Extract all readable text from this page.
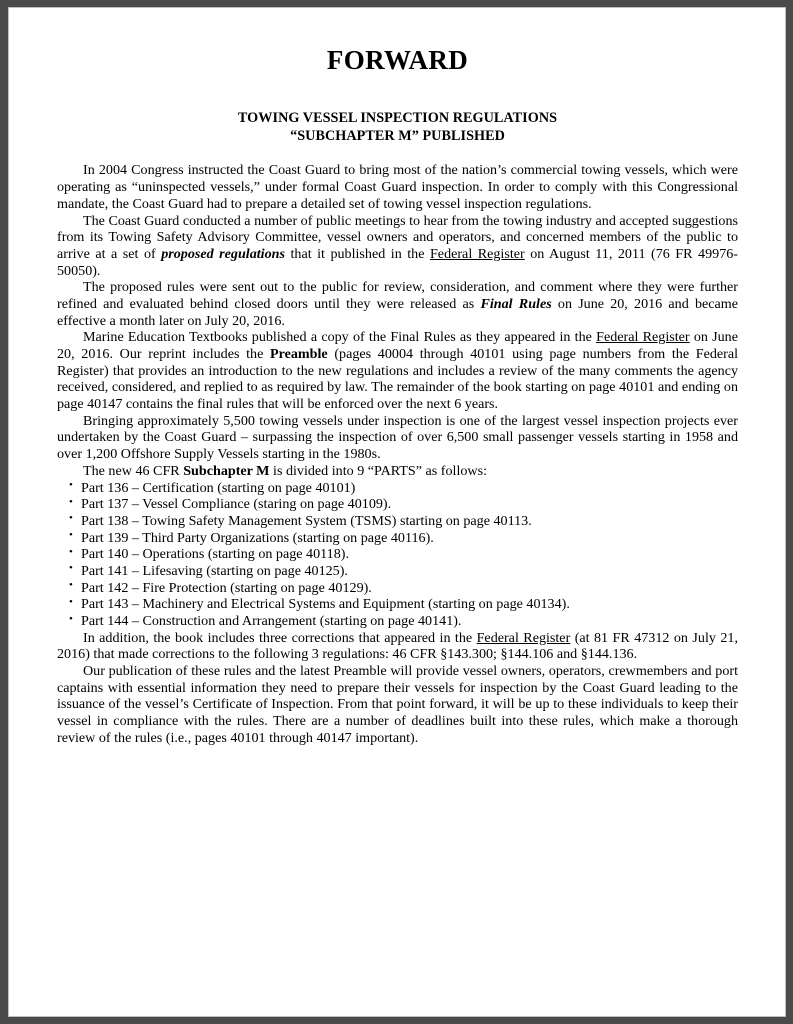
FORWARD
TOWING VESSEL INSPECTION REGULATIONS
“SUBCHAPTER M” PUBLISHED

In 2004 Congress instructed the Coast Guard to bring most of the nation’s commercial towing vessels, which were operating as “uninspected vessels,” under formal Coast Guard inspection. In order to comply with this Congressional mandate, the Coast Guard had to prepare a detailed set of towing vessel inspection regulations.

The Coast Guard conducted a number of public meetings to hear from the towing industry and accepted suggestions from its Towing Safety Advisory Committee, vessel owners and operators, and concerned members of the public to arrive at a set of proposed regulations that it published in the Federal Register on August 11, 2011 (76 FR 49976-50050).

The proposed rules were sent out to the public for review, consideration, and comment where they were further refined and evaluated behind closed doors until they were released as Final Rules on June 20, 2016 and became effective a month later on July 20, 2016.

Marine Education Textbooks published a copy of the Final Rules as they appeared in the Federal Register on June 20, 2016. Our reprint includes the Preamble (pages 40004 through 40101 using page numbers from the Federal Register) that provides an introduction to the new regulations and includes a review of the many comments the agency received, considered, and replied to as required by law. The remainder of the book starting on page 40101 and ending on page 40147 contains the final rules that will be enforced over the next 6 years.

Bringing approximately 5,500 towing vessels under inspection is one of the largest vessel inspection projects ever undertaken by the Coast Guard – surpassing the inspection of over 6,500 small passenger vessels starting in 1958 and over 1,200 Offshore Supply Vessels starting in the 1980s.

The new 46 CFR Subchapter M is divided into 9 “PARTS” as follows:

• Part 136 – Certification (starting on page 40101)
• Part 137 – Vessel Compliance (staring on page 40109).
• Part 138 – Towing Safety Management System (TSMS) starting on page 40113.
• Part 139 – Third Party Organizations (starting on page 40116).
• Part 140 – Operations (starting on page 40118).
• Part 141 – Lifesaving (starting on page 40125).
• Part 142 – Fire Protection (starting on page 40129).
• Part 143 – Machinery and Electrical Systems and Equipment (starting on page 40134).
• Part 144 – Construction and Arrangement (starting on page 40141).

In addition, the book includes three corrections that appeared in the Federal Register (at 81 FR 47312 on July 21, 2016) that made corrections to the following 3 regulations: 46 CFR §143.300; §144.106 and §144.136.

Our publication of these rules and the latest Preamble will provide vessel owners, operators, crewmembers and port captains with essential information they need to prepare their vessels for inspection by the Coast Guard leading to the issuance of the vessel’s Certificate of Inspection. From that point forward, it will be up to these individuals to keep their vessel in compliance with the rules. There are a number of deadlines built into these rules, which make a thorough review of the rules (i.e., pages 40101 through 40147 important).
